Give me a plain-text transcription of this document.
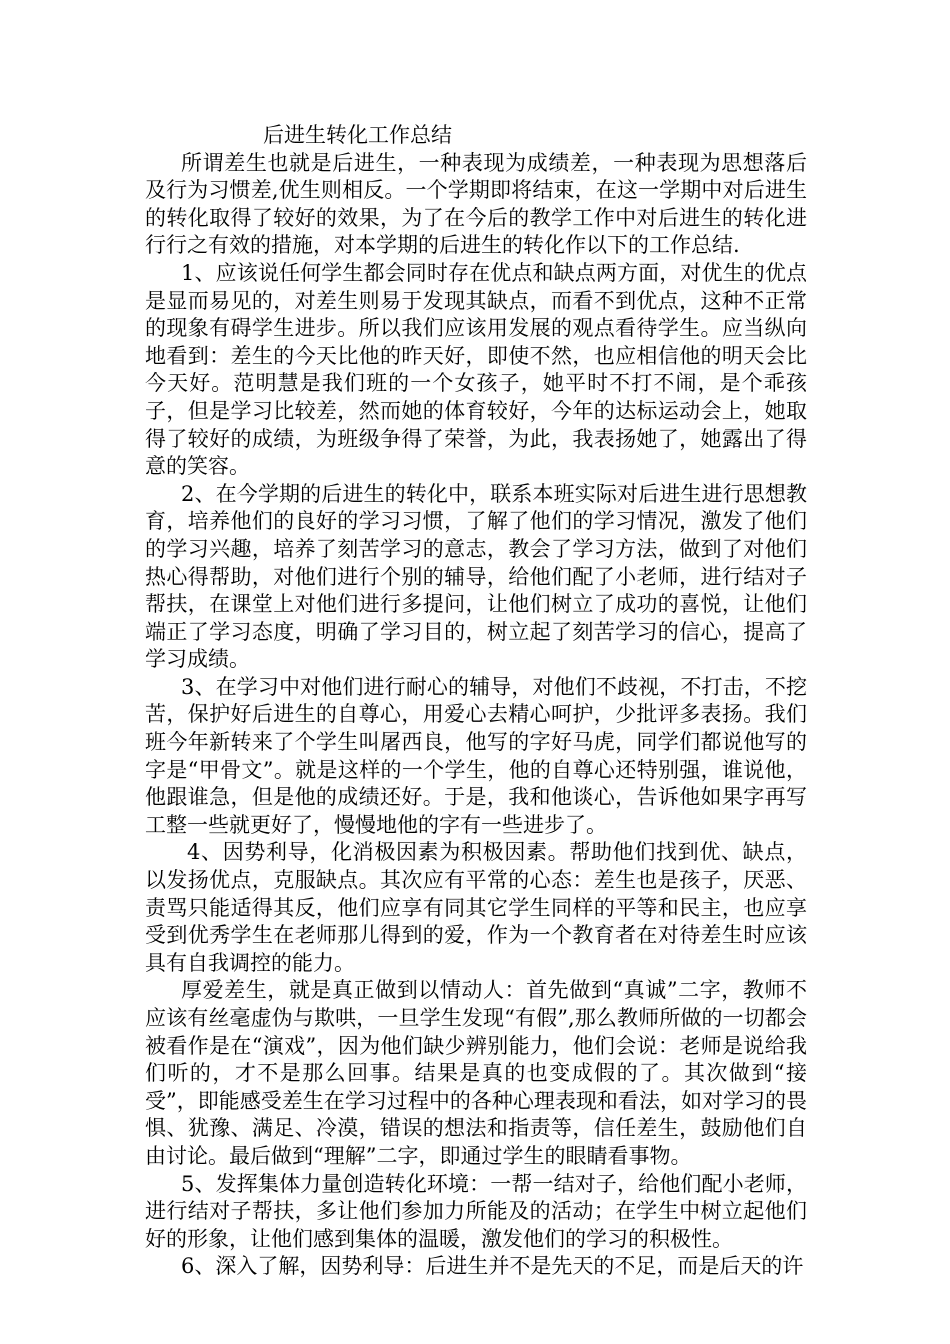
后进生转化工作总结

所谓差生也就是后进生，一种表现为成绩差，一种表现为思想落后及行为习惯差,优生则相反。一个学期即将结束，在这一学期中对后进生的转化取得了较好的效果，为了在今后的教学工作中对后进生的转化进行行之有效的措施，对本学期的后进生的转化作以下的工作总结.

1、应该说任何学生都会同时存在优点和缺点两方面，对优生的优点是显而易见的，对差生则易于发现其缺点，而看不到优点，这种不正常的现象有碍学生进步。所以我们应该用发展的观点看待学生。应当纵向地看到：差生的今天比他的昨天好，即使不然，也应相信他的明天会比今天好。范明慧是我们班的一个女孩子，她平时不打不闹，是个乖孩子，但是学习比较差，然而她的体育较好，今年的达标运动会上，她取得了较好的成绩，为班级争得了荣誉，为此，我表扬她了，她露出了得意的笑容。

2、在今学期的后进生的转化中，联系本班实际对后进生进行思想教育，培养他们的良好的学习习惯，了解了他们的学习情况，激发了他们的学习兴趣，培养了刻苦学习的意志，教会了学习方法，做到了对他们热心得帮助，对他们进行个别的辅导，给他们配了小老师，进行结对子帮扶，在课堂上对他们进行多提问，让他们树立了成功的喜悦，让他们端正了学习态度，明确了学习目的，树立起了刻苦学习的信心，提高了学习成绩。

3、在学习中对他们进行耐心的辅导，对他们不歧视，不打击，不挖苦，保护好后进生的自尊心，用爱心去精心呵护，少批评多表扬。我们班今年新转来了个学生叫屠西良，他写的字好马虎，同学们都说他写的字是“甲骨文”。就是这样的一个学生，他的自尊心还特别强，谁说他，他跟谁急，但是他的成绩还好。于是，我和他谈心，告诉他如果字再写工整一些就更好了，慢慢地他的字有一些进步了。

4、因势利导，化消极因素为积极因素。帮助他们找到优、缺点，以发扬优点，克服缺点。其次应有平常的心态：差生也是孩子，厌恶、责骂只能适得其反，他们应享有同其它学生同样的平等和民主，也应享受到优秀学生在老师那儿得到的爱，作为一个教育者在对待差生时应该具有自我调控的能力。

厚爱差生，就是真正做到以情动人：首先做到“真诚”二字，教师不应该有丝毫虚伪与欺哄，一旦学生发现“有假”,那么教师所做的一切都会被看作是在“演戏”，因为他们缺少辨别能力，他们会说：老师是说给我们听的，才不是那么回事。结果是真的也变成假的了。其次做到“接受”，即能感受差生在学习过程中的各种心理表现和看法，如对学习的畏惧、犹豫、满足、冷漠，错误的想法和指责等，信任差生，鼓励他们自由讨论。最后做到“理解”二字，即通过学生的眼睛看事物。

5、发挥集体力量创造转化环境：一帮一结对子，给他们配小老师，进行结对子帮扶，多让他们参加力所能及的活动；在学生中树立起他们好的形象，让他们感到集体的温暖，激发他们的学习的积极性。

6、深入了解，因势利导：后进生并不是先天的不足，而是后天的许
